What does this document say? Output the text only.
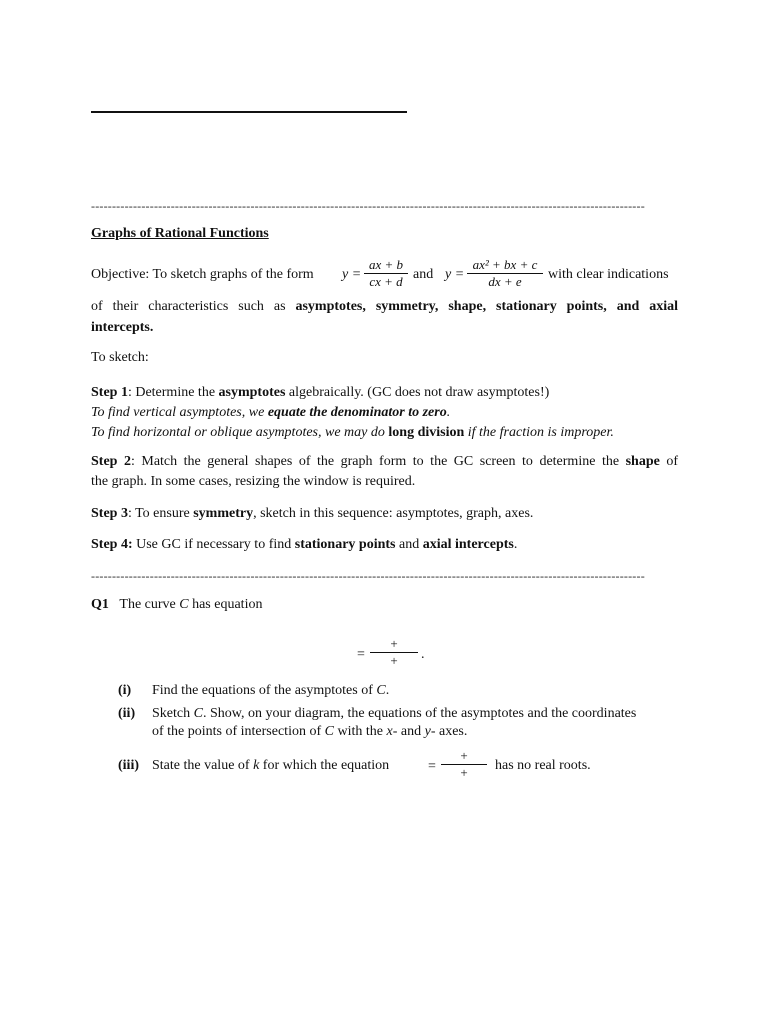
------------------------------------------------------------------------------------------------------------------------------------
Graphs of Rational Functions
Objective: To sketch graphs of the form y =
ax + b
cx + d and y =
ax² + bx + c
dx + e	with clear indications
of their characteristics such as asymptotes, symmetry, shape, stationary points, and axial
intercepts.
To sketch:
Step 1: Determine the asymptotes algebraically. (GC does not draw asymptotes!)
To find vertical asymptotes, we equate the denominator to zero.
To find horizontal or oblique asymptotes, we may do long division if the fraction is improper.
Step 2: Match the general shapes of the graph form to the GC screen to determine the shape of
the graph. In some cases, resizing the window is required.
Step 3: To ensure symmetry, sketch in this sequence: asymptotes, graph, axes.
Step 4: Use GC if necessary to find stationary points and axial intercepts.
------------------------------------------------------------------------------------------------------------------------------------
Q1 The curve C has equation
=
+
+	.
(i) Find the equations of the asymptotes of C.
(ii) Sketch C. Show, on your diagram, the equations of the asymptotes and the coordinates
of the points of intersection of C with the x- and y- axes.
(iii) State the value of k for which the equation	=
+
+	has no real roots.
